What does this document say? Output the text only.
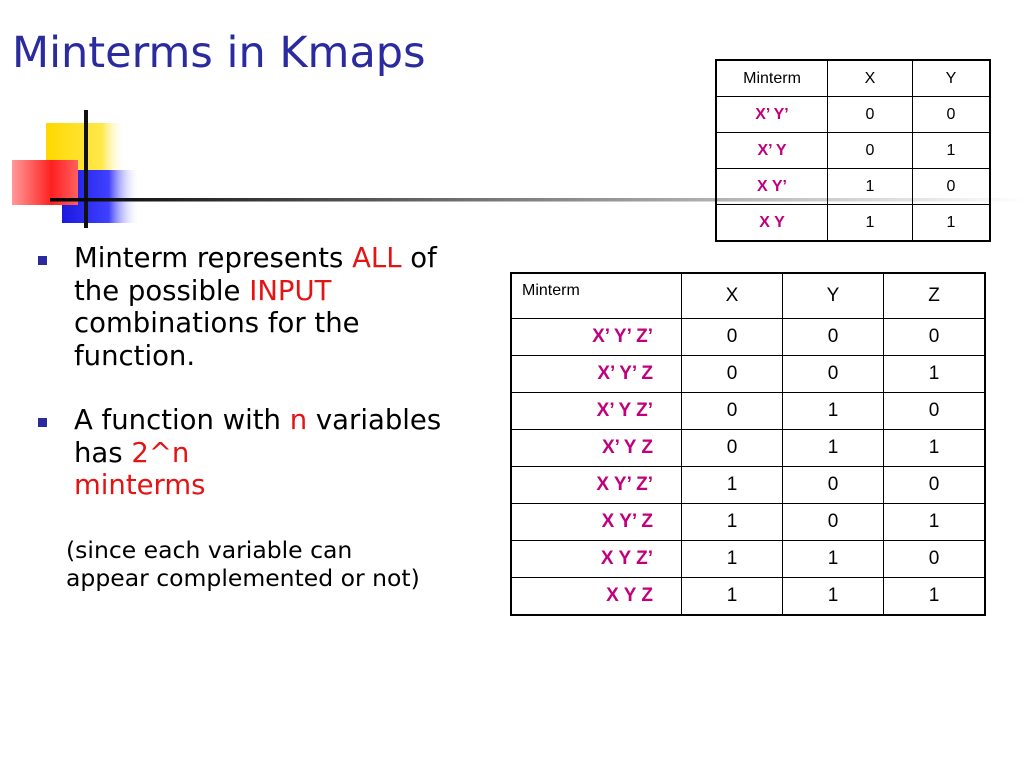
Minterms in Kmaps
Minterm represents ALL of the possible INPUT combinations for the function.
A function with n variables has 2^n
minterms
(since each variable can appear complemented or not)
Minterm	X	Y
X’ Y’	0	0
X’ Y	0	1
X Y’	1	0
X Y	1	1
Minterm	X	Y	Z
X’ Y’ Z’	0	0	0
X’ Y’ Z	0	0	1
X’ Y Z’	0	1	0
X’ Y Z	0	1	1
X Y’ Z’	1	0	0
X Y’ Z	1	0	1
X Y Z’	1	1	0
X Y Z	1	1	1
